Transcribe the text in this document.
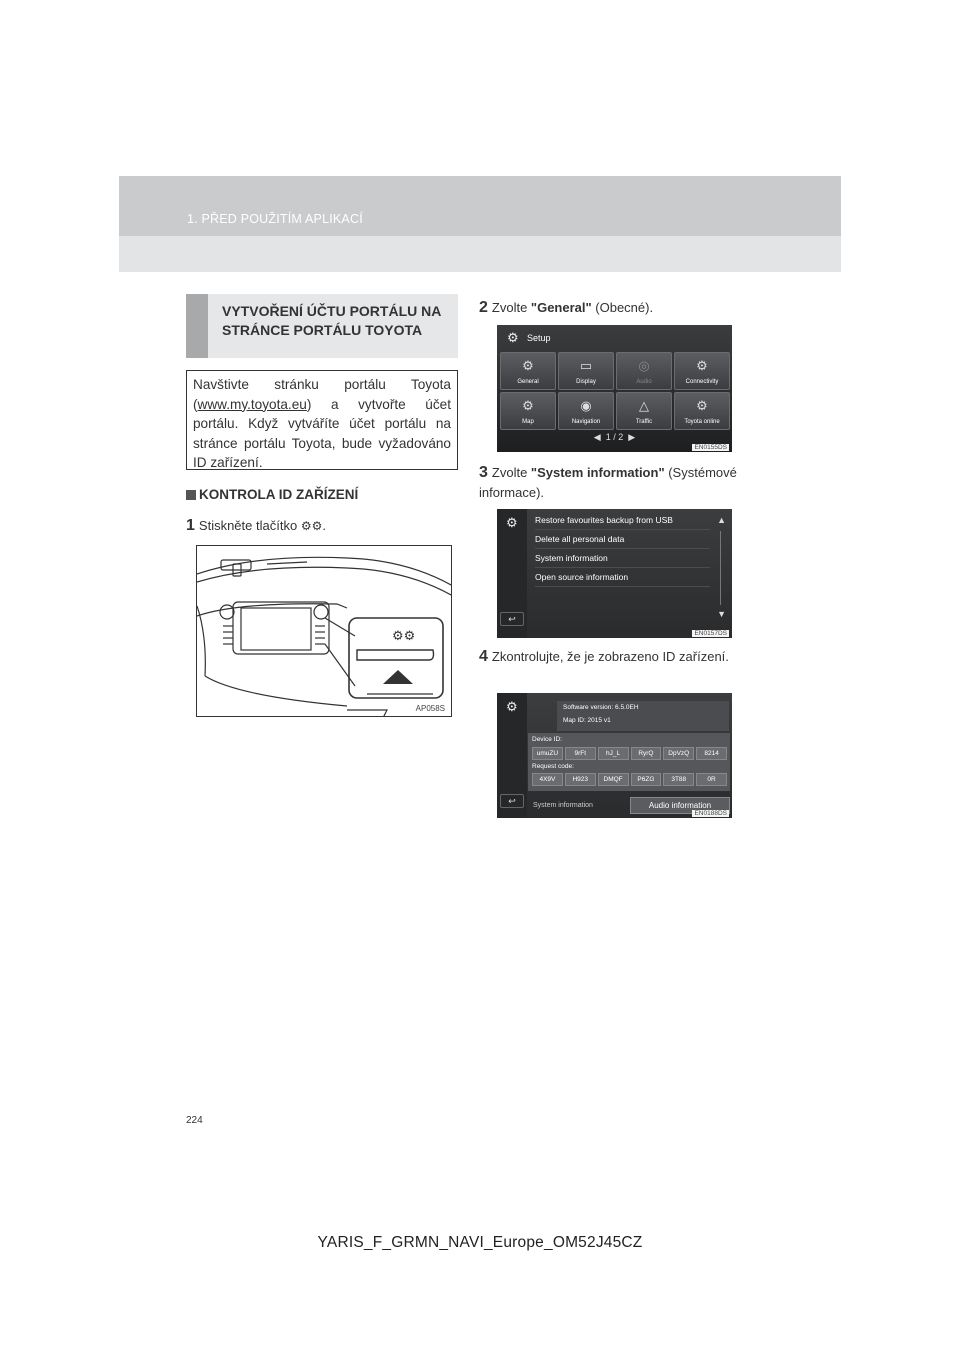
1. PŘED POUŽITÍM APLIKACÍ
VYTVOŘENÍ ÚČTU PORTÁLU NA STRÁNCE PORTÁLU TOYOTA

Navštivte stránku portálu Toyota (www.my.toyota.eu) a vytvořte účet portálu. Když vytváříte účet portálu na stránce portálu Toyota, bude vyžadováno ID zařízení.

KONTROLA ID ZAŘÍZENÍ
1 Stiskněte tlačítko ⚙⚙.
⚙⚙
AP058S
2 Zvolte "General" (Obecné).
⚙ Setup
⚙
General
▭
Display
◎
Audio
⚙
Connectivity
⚙
Map
◉
Navigation
△
Traffic
⚙
Toyota online
◀ 1 / 2 ▶
EN0155DS
3 Zvolte "System information" (Systémové informace).
⚙ Restore favourites backup from USB
Delete all personal data
System information
Open source information
▲
▼
↩
EN0157DS
4 Zkontrolujte, že je zobrazeno ID zařízení.
⚙	Software version: 6.5.0EH
Map ID: 2015 v1
Device ID:
umuZU	9rFt	hJ_L	RyrQ	DpVzQ	8214
Request code:
4X9V	H923	DMQF	P6ZG	3T88	0R
System information	Audio information
↩
EN0188DS
224
YARIS_F_GRMN_NAVI_Europe_OM52J45CZ
